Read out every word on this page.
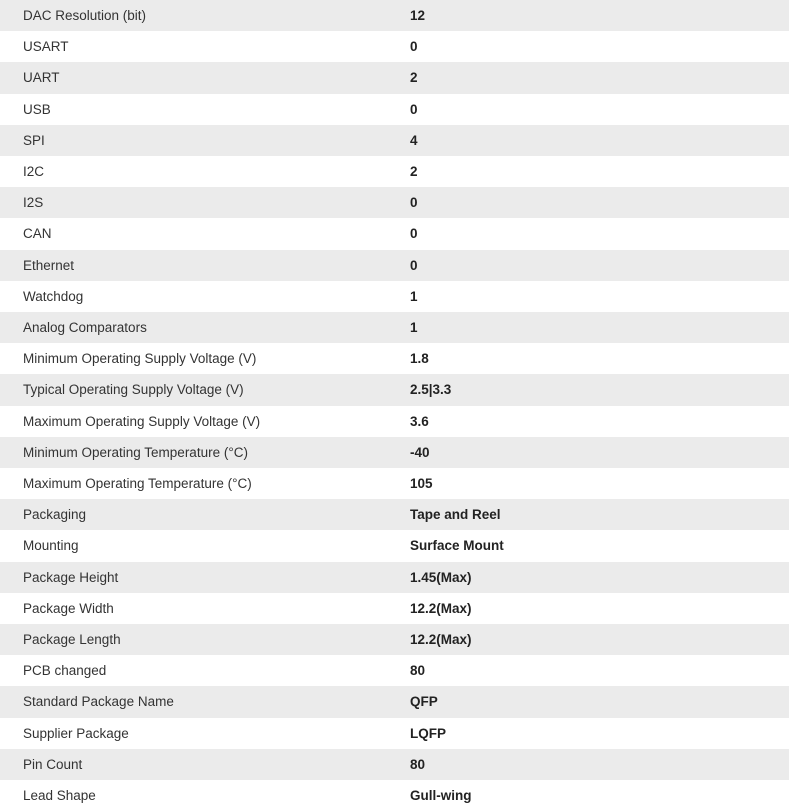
DAC Resolution (bit)	12
USART	0
UART	2
USB	0
SPI	4
I2C	2
I2S	0
CAN	0
Ethernet	0
Watchdog	1
Analog Comparators	1
Minimum Operating Supply Voltage (V)	1.8
Typical Operating Supply Voltage (V)	2.5|3.3
Maximum Operating Supply Voltage (V)	3.6
Minimum Operating Temperature (°C)	-40
Maximum Operating Temperature (°C)	105
Packaging	Tape and Reel
Mounting	Surface Mount
Package Height	1.45(Max)
Package Width	12.2(Max)
Package Length	12.2(Max)
PCB changed	80
Standard Package Name	QFP
Supplier Package	LQFP
Pin Count	80
Lead Shape	Gull-wing
